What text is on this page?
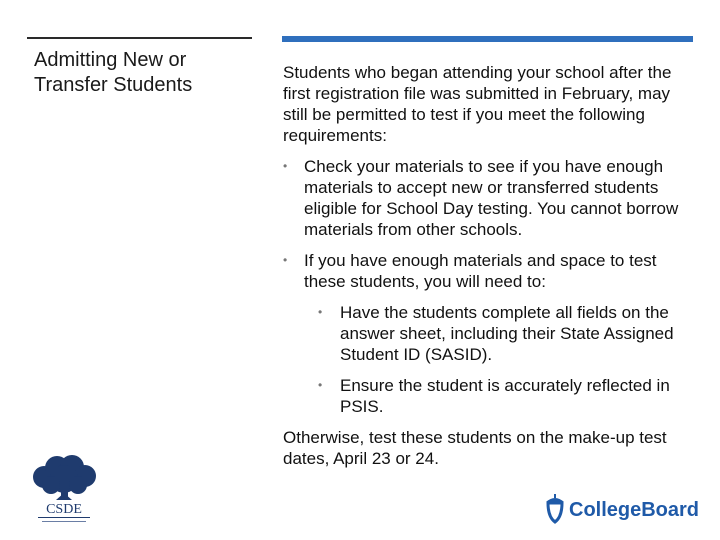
Admitting New or Transfer Students

Students who began attending your school after the first registration file was submitted in February, may still be permitted to test if you meet the following requirements:

• Check your materials to see if you have enough materials to accept new or transferred students eligible for School Day testing. You cannot borrow materials from other schools.
• If you have enough materials and space to test these students, you will need to:
• Have the students complete all fields on the answer sheet, including their State Assigned Student ID (SASID).
• Ensure the student is accurately reflected in PSIS.

Otherwise, test these students on the make-up test dates, April 23 or 24.

CSDE	CollegeBoard
